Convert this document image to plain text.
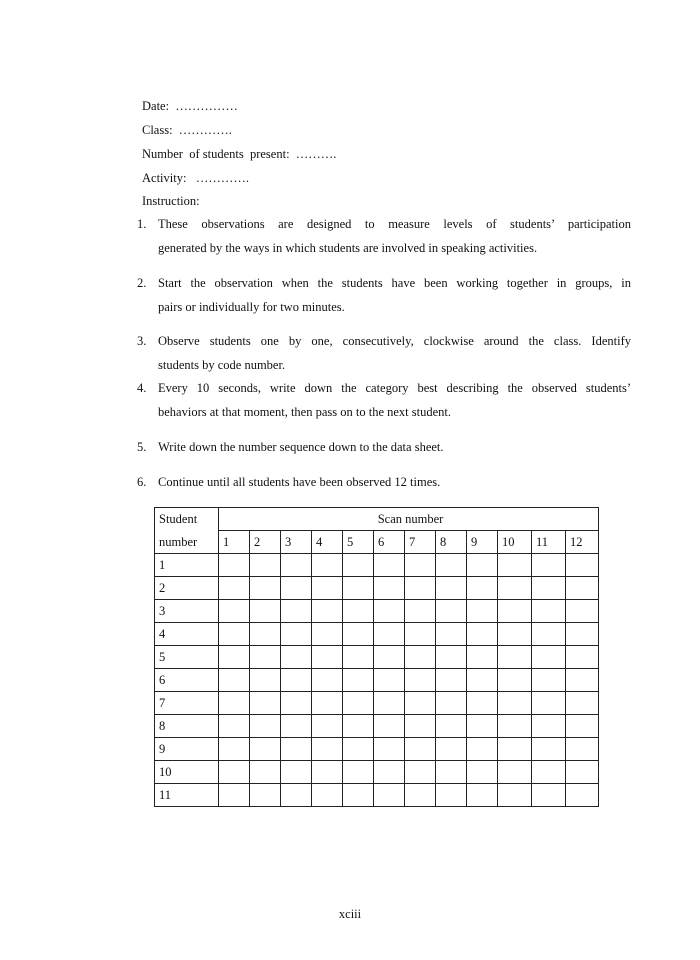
Date:  ……………
Class:  ………….
Number  of students  present:  ……….
Activity:   ………….
Instruction:
1. These observations are designed to measure levels of students’ participation
generated by the ways in which students are involved in speaking activities.
2. Start the observation when the students have been working together in groups, in
pairs or individually for two minutes.
3. Observe students one by one, consecutively, clockwise around the class. Identify
students by code number.
4. Every 10 seconds, write down the category best describing the observed students’
behaviors at that moment, then pass on to the next student.
5. Write down the number sequence down to the data sheet.
6. Continue until all students have been observed 12 times.
Student	Scan number											
number	1	2	3	4	5	6	7	8	9	10	11	12
1												
2												
3												
4												
5												
6												
7												
8												
9												
10												
11												
xciii
